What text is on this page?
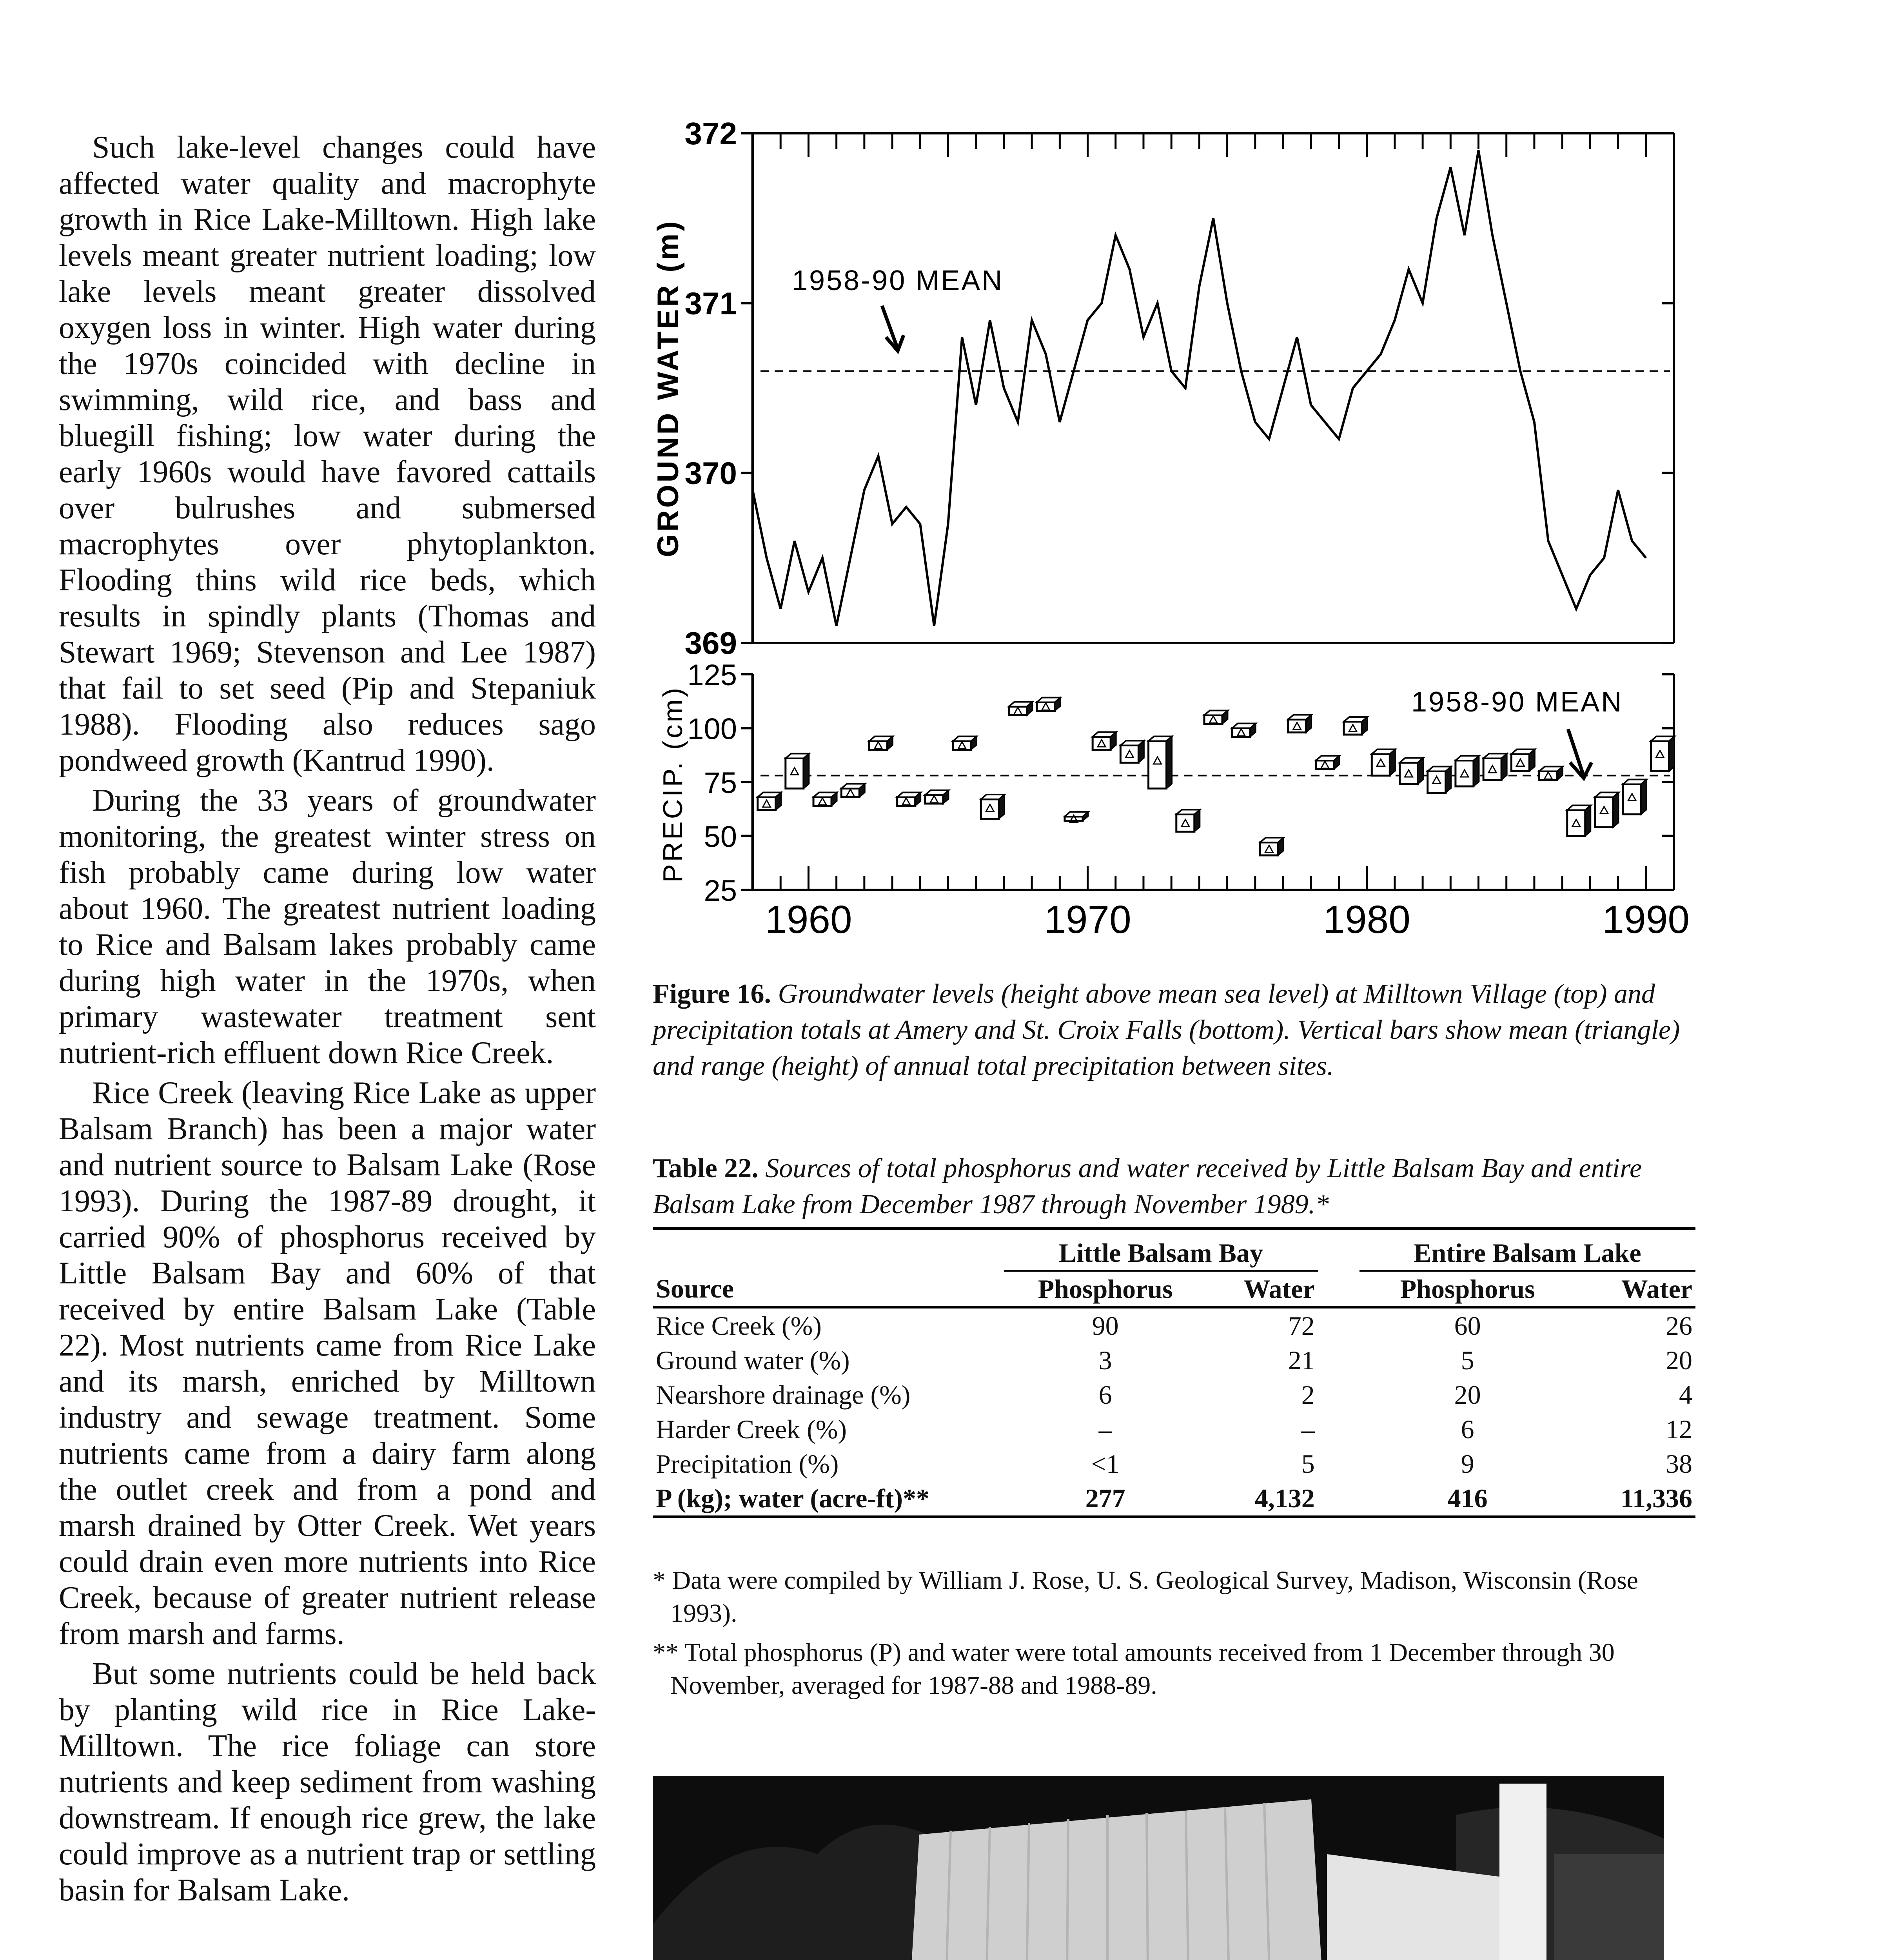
Such lake-level changes could have affected water quality and macrophyte growth in Rice Lake-Milltown. High lake levels meant greater nutrient loading; low lake levels meant greater dissolved oxygen loss in winter. High water during the 1970s coincided with decline in swimming, wild rice, and bass and bluegill fishing; low water during the early 1960s would have favored cattails over bulrushes and submersed macrophytes over phytoplankton. Flooding thins wild rice beds, which results in spindly plants (Thomas and Stewart 1969; Stevenson and Lee 1987) that fail to set seed (Pip and Stepaniuk 1988). Flooding also reduces sago pondweed growth (Kantrud 1990).

During the 33 years of groundwater monitoring, the greatest winter stress on fish probably came during low water about 1960. The greatest nutrient loading to Rice and Balsam lakes probably came during high water in the 1970s, when primary wastewater treatment sent nutrient-rich effluent down Rice Creek.

Rice Creek (leaving Rice Lake as upper Balsam Branch) has been a major water and nutrient source to Balsam Lake (Rose 1993). During the 1987-89 drought, it carried 90% of phosphorus received by Little Balsam Bay and 60% of that received by entire Balsam Lake (Table 22). Most nutrients came from Rice Lake and its marsh, enriched by Milltown industry and sewage treatment. Some nutrients came from a dairy farm along the outlet creek and from a pond and marsh drained by Otter Creek. Wet years could drain even more nutrients into Rice Creek, because of greater nutrient release from marsh and farms.

But some nutrients could be held back by planting wild rice in Rice Lake-Milltown. The rice foliage can store nutrients and keep sediment from washing downstream. If enough rice grew, the lake could improve as a nutrient trap or settling basin for Balsam Lake.

GROUND WATER (m)
372
371
370
369
1958-90 MEAN
PRECIP. (cm)
125
100
75
50
25
1960	1970	1980	1990
1958-90 MEAN
Figure 16. Groundwater levels (height above mean sea level) at Milltown Village (top) and precipitation totals at Amery and St. Croix Falls (bottom). Vertical bars show mean (triangle) and range (height) of annual total precipitation between sites.
Table 22. Sources of total phosphorus and water received by Little Balsam Bay and entire Balsam Lake from December 1987 through November 1989.*
	Little Balsam Bay			Entire Balsam Lake	
Source	Phosphorus	Water		Phosphorus	Water
Rice Creek (%)	90	72		60	26
Ground water (%)	3	21		5	20
Nearshore drainage (%)	6	2		20	4
Harder Creek (%)	–	–		6	12
Precipitation (%)	<1	5		9	38
P (kg); water (acre-ft)**	277	4,132		416	11,336

* Data were compiled by William J. Rose, U. S. Geological Survey, Madison, Wisconsin (Rose 1993).

** Total phosphorus (P) and water were total amounts received from 1 December through 30 November, averaged for 1987-88 and 1988-89.
